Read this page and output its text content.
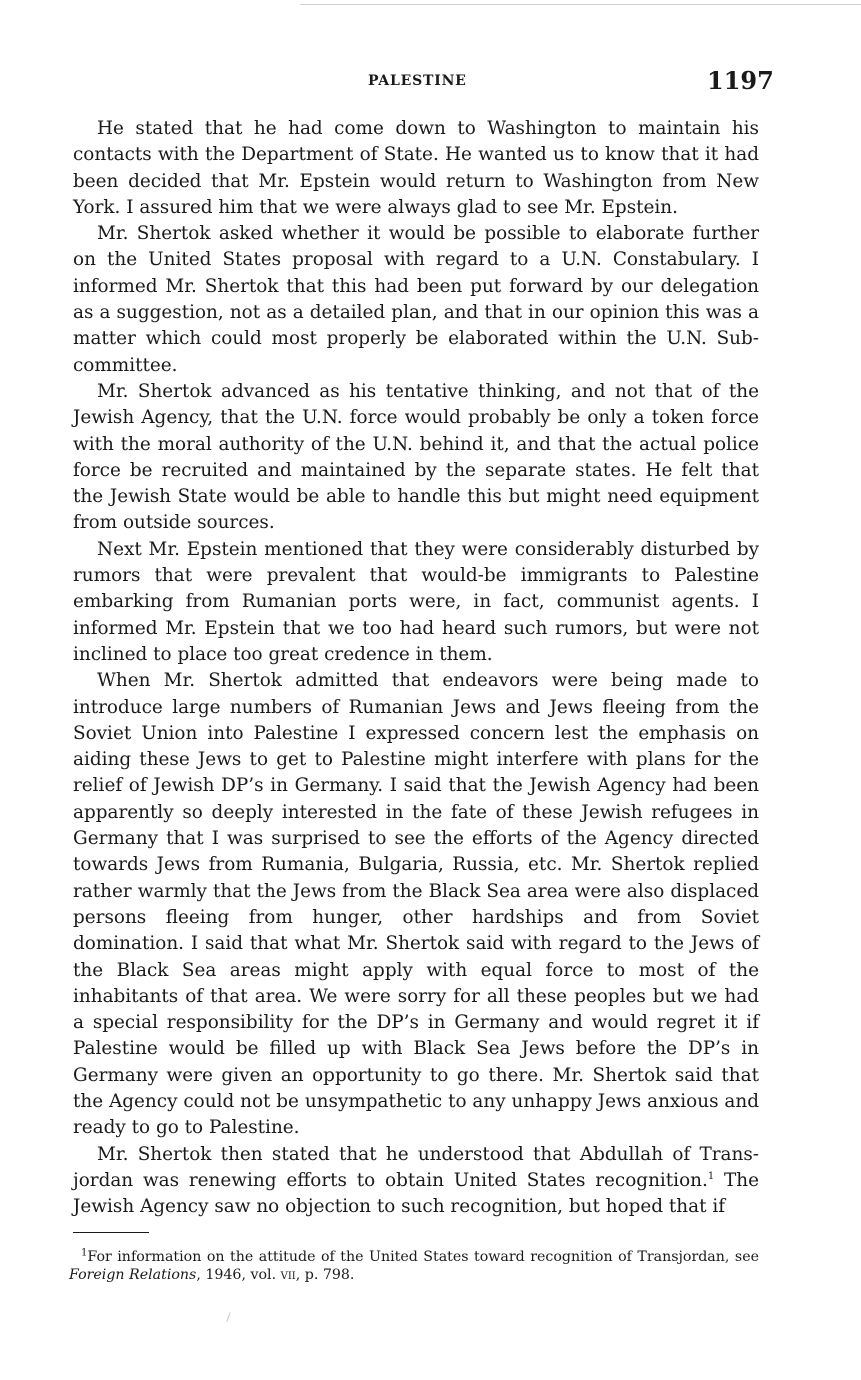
PALESTINE	1197

He stated that he had come down to Washington to maintain his contacts with the Department of State. He wanted us to know that it had been decided that Mr. Epstein would return to Washington from New York. I assured him that we were always glad to see Mr. Epstein.

Mr. Shertok asked whether it would be possible to elaborate further on the United States proposal with regard to a U.N. Constabulary. I informed Mr. Shertok that this had been put forward by our delegation as a suggestion, not as a detailed plan, and that in our opinion this was a matter which could most properly be elaborated within the U.N. Sub-committee.

Mr. Shertok advanced as his tentative thinking, and not that of the Jewish Agency, that the U.N. force would probably be only a token force with the moral authority of the U.N. behind it, and that the actual police force be recruited and maintained by the separate states. He felt that the Jewish State would be able to handle this but might need equipment from outside sources.

Next Mr. Epstein mentioned that they were considerably disturbed by rumors that were prevalent that would-be immigrants to Palestine embarking from Rumanian ports were, in fact, communist agents. I informed Mr. Epstein that we too had heard such rumors, but were not inclined to place too great credence in them.

When Mr. Shertok admitted that endeavors were being made to introduce large numbers of Rumanian Jews and Jews fleeing from the Soviet Union into Palestine I expressed concern lest the emphasis on aiding these Jews to get to Palestine might interfere with plans for the relief of Jewish DP’s in Germany. I said that the Jewish Agency had been apparently so deeply interested in the fate of these Jewish refugees in Germany that I was surprised to see the efforts of the Agency directed towards Jews from Rumania, Bulgaria, Russia, etc. Mr. Shertok replied rather warmly that the Jews from the Black Sea area were also displaced persons fleeing from hunger, other hardships and from Soviet domination. I said that what Mr. Shertok said with regard to the Jews of the Black Sea areas might apply with equal force to most of the inhabitants of that area. We were sorry for all these peoples but we had a special responsibility for the DP’s in Germany and would regret it if Palestine would be filled up with Black Sea Jews before the DP’s in Germany were given an opportunity to go there. Mr. Shertok said that the Agency could not be unsympathetic to any unhappy Jews anxious and ready to go to Palestine.

Mr. Shertok then stated that he understood that Abdullah of Transjordan was renewing efforts to obtain United States recognition.$^1$ The Jewish Agency saw no objection to such recognition, but hoped that if

$^1$For information on the attitude of the United States toward recognition of Transjordan, see Foreign Relations, 1946, vol. vii, p. 798.
